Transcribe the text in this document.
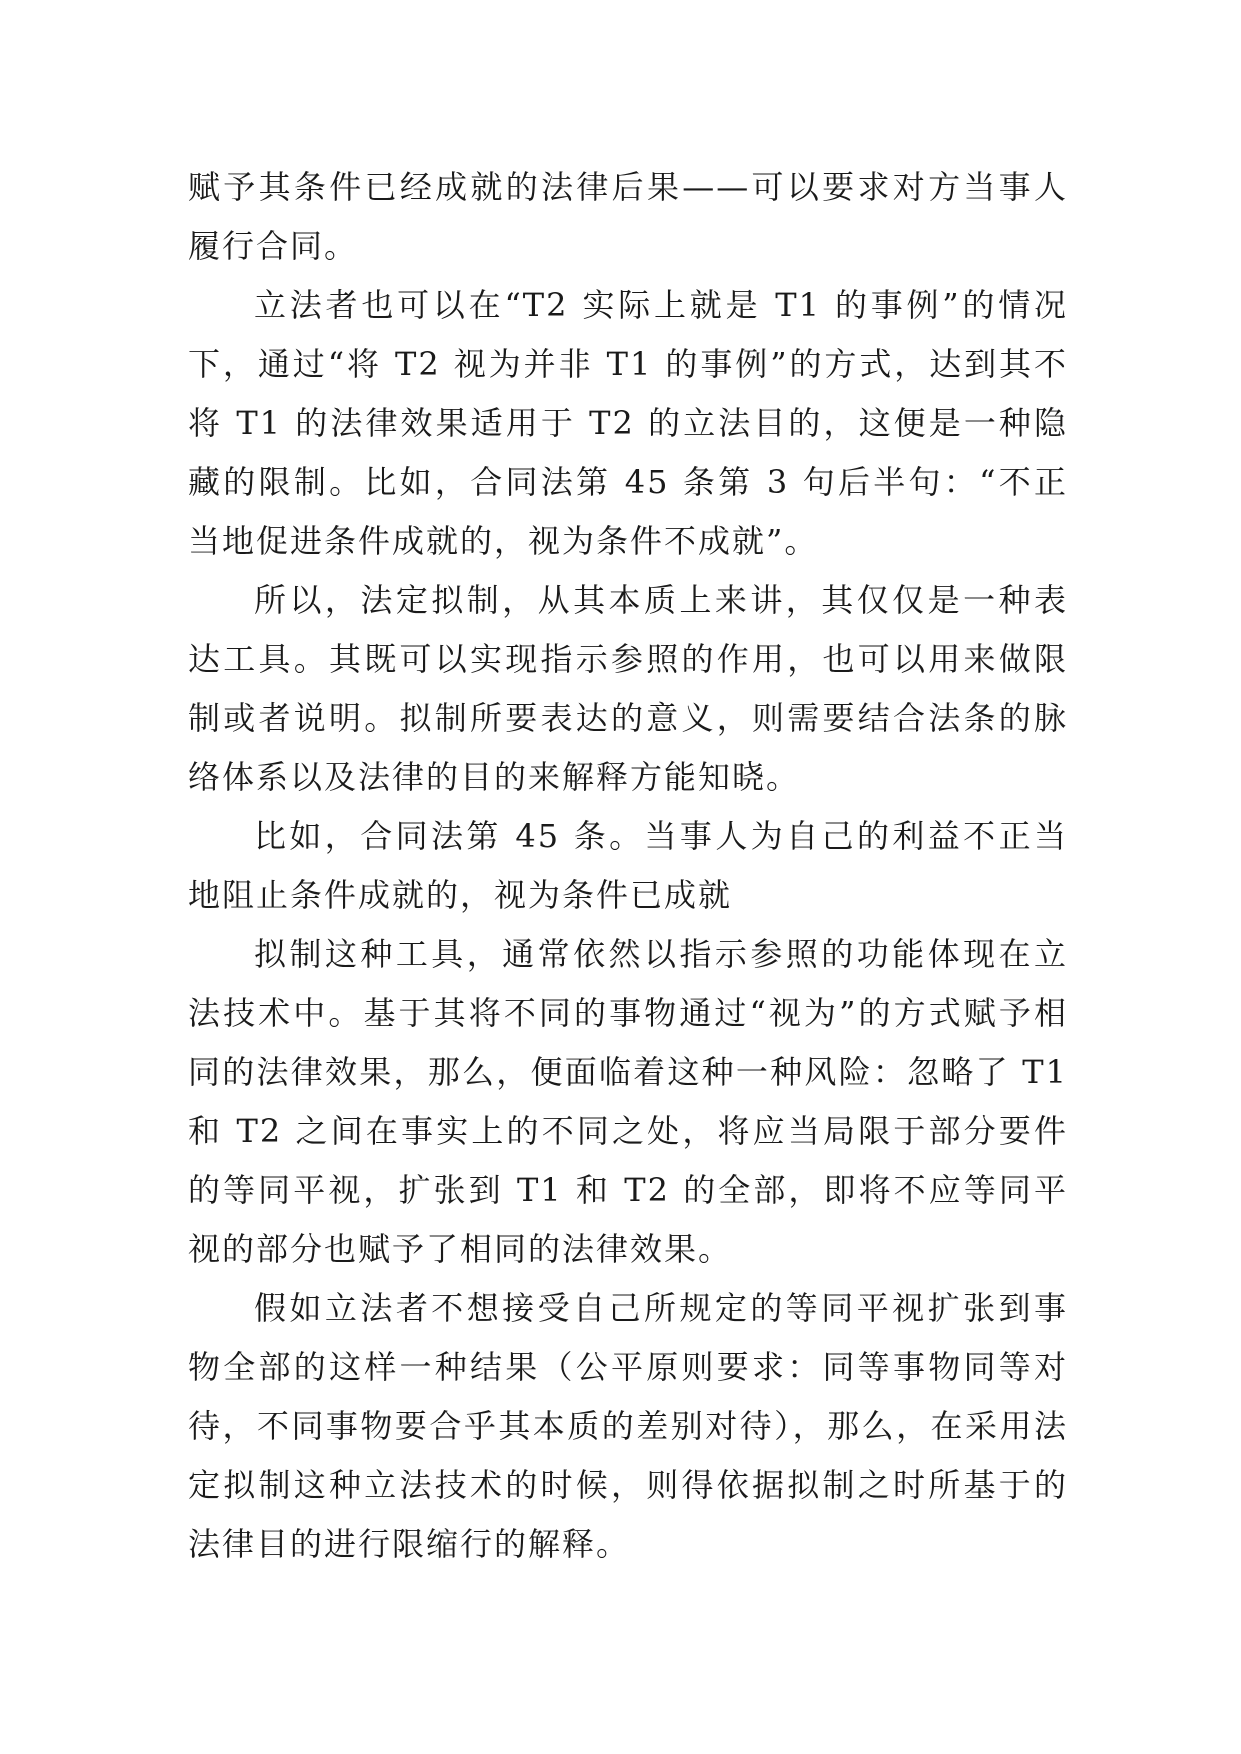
赋予其条件已经成就的法律后果——可以要求对方当事人履行合同。

立法者也可以在“T2 实际上就是 T1 的事例”的情况下，通过“将 T2 视为并非 T1 的事例”的方式，达到其不将 T1 的法律效果适用于 T2 的立法目的，这便是一种隐藏的限制。比如，合同法第 45 条第 3 句后半句：“不正当地促进条件成就的，视为条件不成就”。

所以，法定拟制，从其本质上来讲，其仅仅是一种表达工具。其既可以实现指示参照的作用，也可以用来做限制或者说明。拟制所要表达的意义，则需要结合法条的脉络体系以及法律的目的来解释方能知晓。

比如，合同法第 45 条。当事人为自己的利益不正当地阻止条件成就的，视为条件已成就

拟制这种工具，通常依然以指示参照的功能体现在立法技术中。基于其将不同的事物通过“视为”的方式赋予相同的法律效果，那么，便面临着这种一种风险：忽略了 T1 和 T2 之间在事实上的不同之处，将应当局限于部分要件的等同平视，扩张到 T1 和 T2 的全部，即将不应等同平视的部分也赋予了相同的法律效果。

假如立法者不想接受自己所规定的等同平视扩张到事物全部的这样一种结果（公平原则要求：同等事物同等对待，不同事物要合乎其本质的差别对待），那么，在采用法定拟制这种立法技术的时候，则得依据拟制之时所基于的法律目的进行限缩行的解释。
